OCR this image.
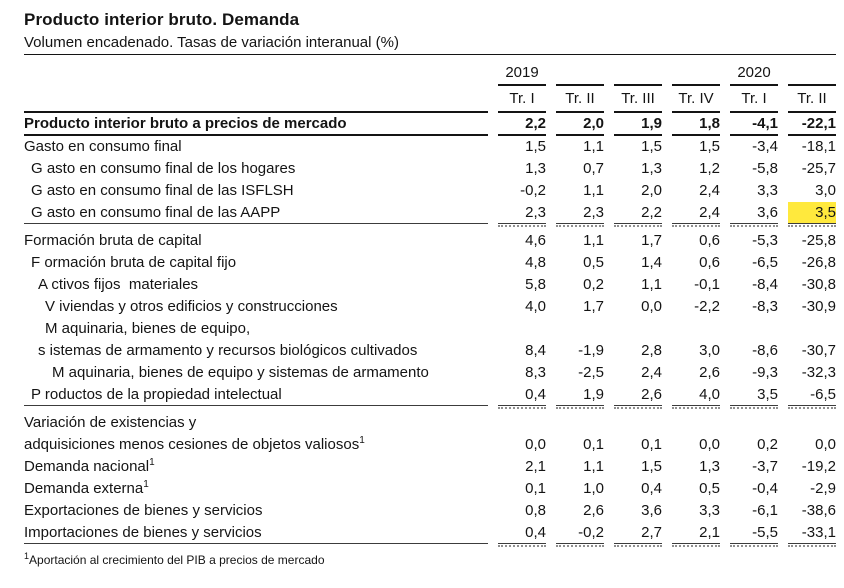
Producto interior bruto. Demanda
Volumen encadenado. Tasas de variación interanual (%)
2019	2020
Tr. I	Tr. II	Tr. III	Tr. IV	Tr. I	Tr. II
Producto interior bruto a precios de mercado	2,2	2,0	1,9	1,8	-4,1	-22,1
Gasto en consumo final	1,5	1,1	1,5	1,5	-3,4	-18,1
G asto en consumo final de los hogares	1,3	0,7	1,3	1,2	-5,8	-25,7
G asto en consumo final de las ISFLSH	-0,2	1,1	2,0	2,4	3,3	3,0
G asto en consumo final de las AAPP	2,3	2,3	2,2	2,4	3,6	3,5
Formación bruta de capital	4,6	1,1	1,7	0,6	-5,3	-25,8
F ormación bruta de capital fijo	4,8	0,5	1,4	0,6	-6,5	-26,8
A ctivos fijos  materiales	5,8	0,2	1,1	-0,1	-8,4	-30,8
V iviendas y otros edificios y construcciones	4,0	1,7	0,0	-2,2	-8,3	-30,9
M aquinaria, bienes de equipo,
s istemas de armamento y recursos biológicos cultivados	8,4	-1,9	2,8	3,0	-8,6	-30,7
M aquinaria, bienes de equipo y sistemas de armamento	8,3	-2,5	2,4	2,6	-9,3	-32,3
P roductos de la propiedad intelectual	0,4	1,9	2,6	4,0	3,5	-6,5
Variación de existencias y
adquisiciones menos cesiones de objetos valiosos$^1$	0,0	0,1	0,1	0,0	0,2	0,0
Demanda nacional$^1$	2,1	1,1	1,5	1,3	-3,7	-19,2
Demanda externa$^1$	0,1	1,0	0,4	0,5	-0,4	-2,9
Exportaciones de bienes y servicios	0,8	2,6	3,6	3,3	-6,1	-38,6
Importaciones de bienes y servicios	0,4	-0,2	2,7	2,1	-5,5	-33,1
$^1$Aportación al crecimiento del PIB a precios de mercado
